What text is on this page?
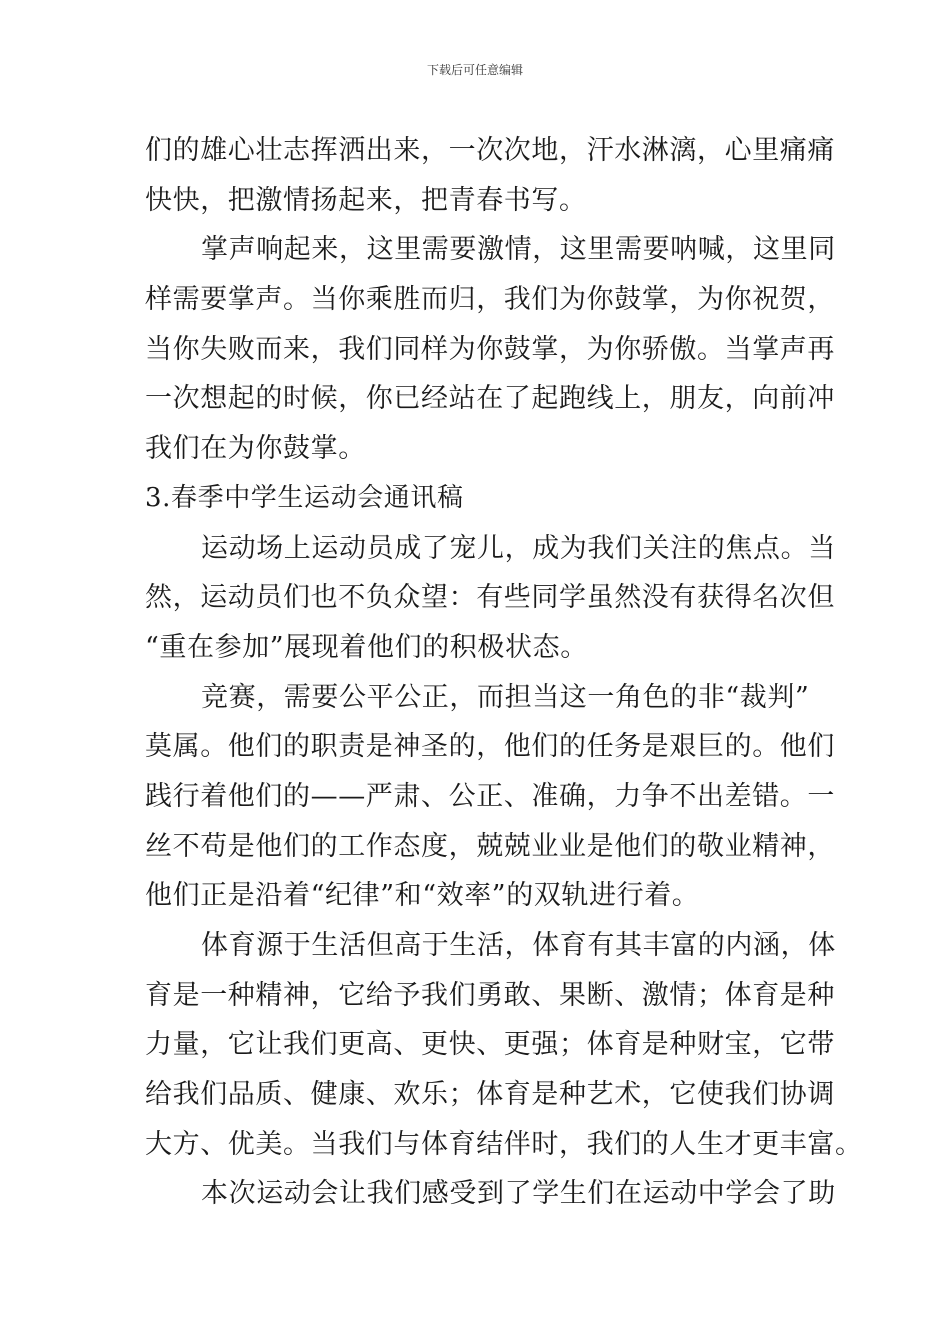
下载后可任意编辑
们的雄心壮志挥洒出来，一次次地，汗水淋漓，心里痛痛
快快，把激情扬起来，把青春书写。
掌声响起来，这里需要激情，这里需要呐喊，这里同
样需要掌声。当你乘胜而归，我们为你鼓掌，为你祝贺，
当你失败而来，我们同样为你鼓掌，为你骄傲。当掌声再
一次想起的时候，你已经站在了起跑线上，朋友，向前冲
我们在为你鼓掌。
3.春季中学生运动会通讯稿
运动场上运动员成了宠儿，成为我们关注的焦点。当
然，运动员们也不负众望：有些同学虽然没有获得名次但
“重在参加”展现着他们的积极状态。
竞赛，需要公平公正，而担当这一角色的非“裁判”
莫属。他们的职责是神圣的，他们的任务是艰巨的。他们
践行着他们的——严肃、公正、准确，力争不出差错。一
丝不苟是他们的工作态度，兢兢业业是他们的敬业精神，
他们正是沿着“纪律”和“效率”的双轨进行着。
体育源于生活但高于生活，体育有其丰富的内涵，体
育是一种精神，它给予我们勇敢、果断、激情；体育是种
力量，它让我们更高、更快、更强；体育是种财宝，它带
给我们品质、健康、欢乐；体育是种艺术，它使我们协调
大方、优美。当我们与体育结伴时，我们的人生才更丰富。
本次运动会让我们感受到了学生们在运动中学会了助
